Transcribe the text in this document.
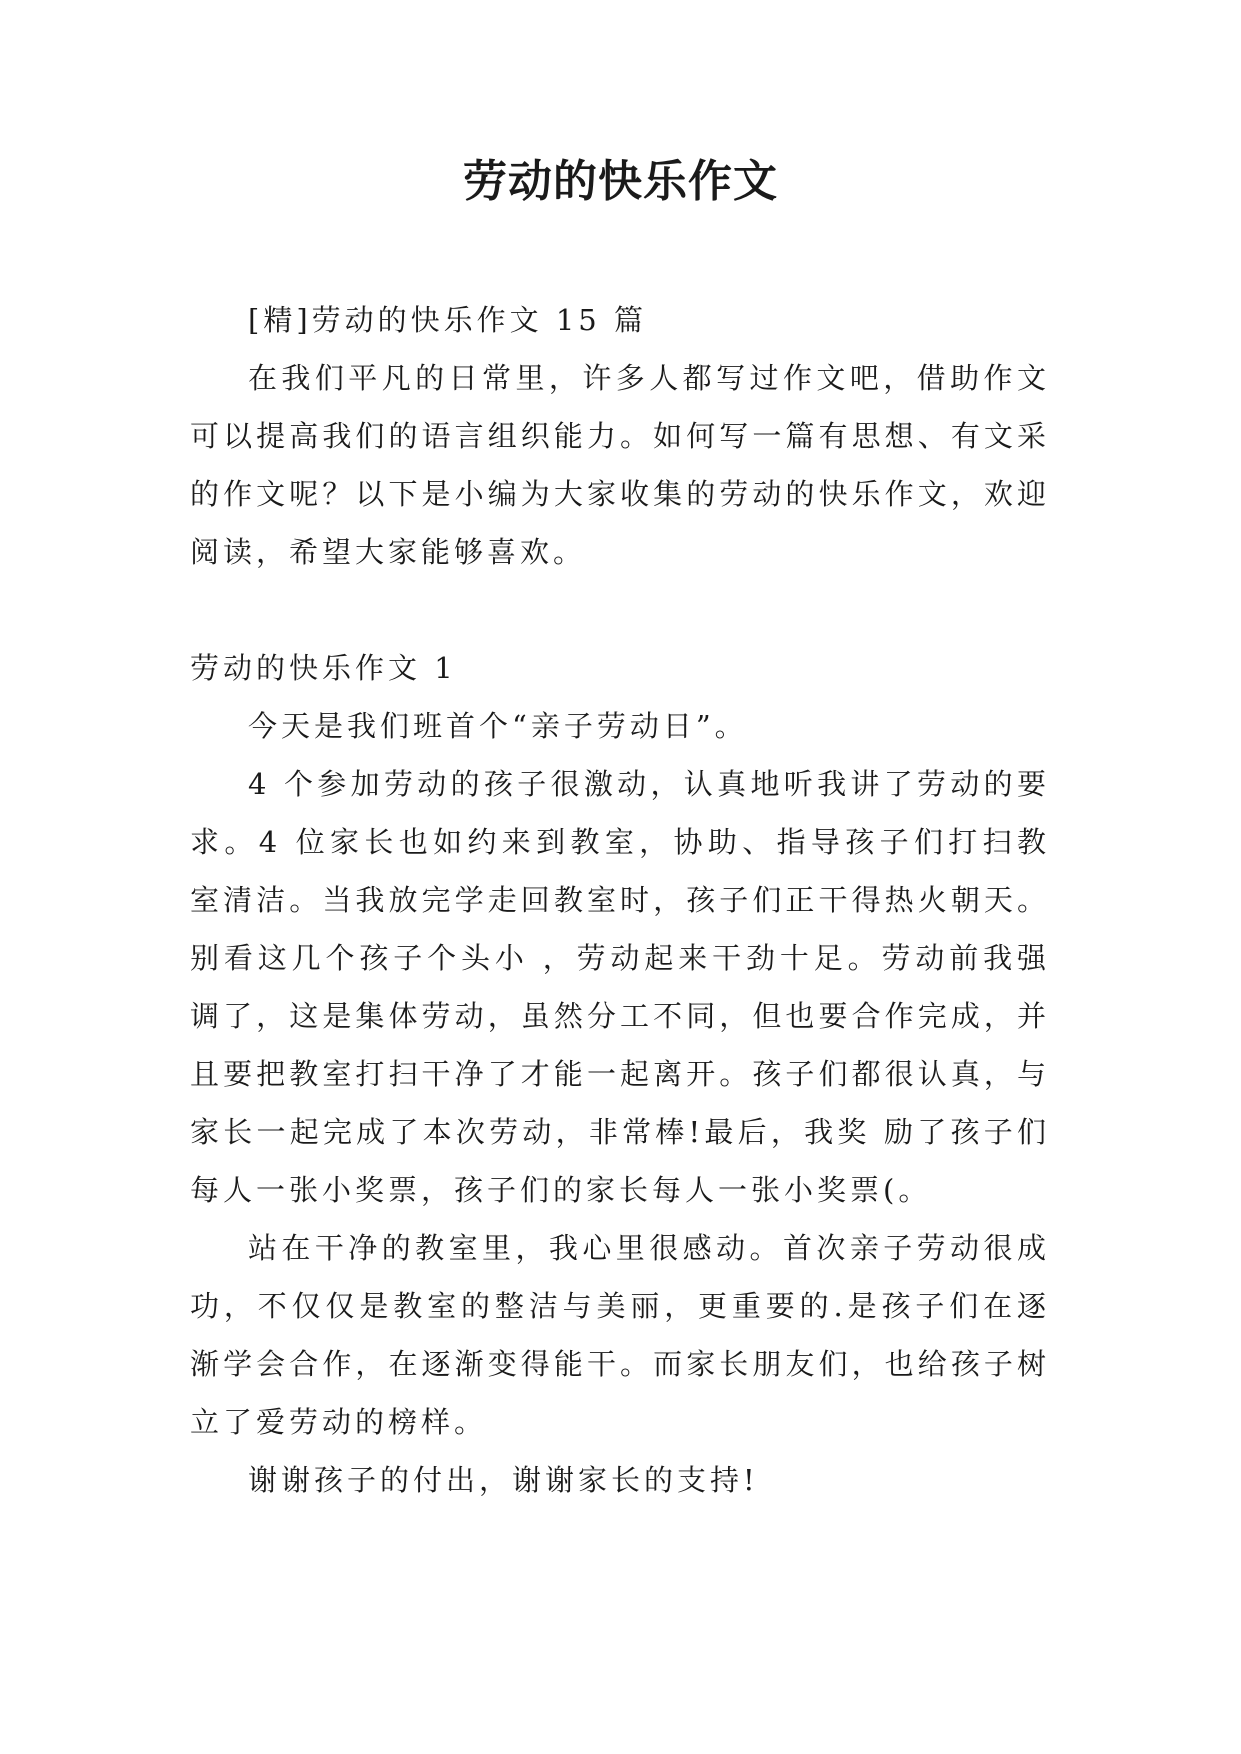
劳动的快乐作文

[精]劳动的快乐作文 15 篇

在我们平凡的日常里，许多人都写过作文吧，借助作文可以提高我们的语言组织能力。如何写一篇有思想、有文采的作文呢？以下是小编为大家收集的劳动的快乐作文，欢迎阅读，希望大家能够喜欢。

劳动的快乐作文 1

今天是我们班首个“亲子劳动日”。

4 个参加劳动的孩子很激动，认真地听我讲了劳动的要求。4 位家长也如约来到教室，协助、指导孩子们打扫教室清洁。当我放完学走回教室时，孩子们正干得热火朝天。别看这几个孩子个头小 ，劳动起来干劲十足。劳动前我强调了，这是集体劳动，虽然分工不同，但也要合作完成，并且要把教室打扫干净了才能一起离开。孩子们都很认真，与家长一起完成了本次劳动，非常棒!最后，我奖 励了孩子们每人一张小奖票，孩子们的家长每人一张小奖票(。

站在干净的教室里，我心里很感动。首次亲子劳动很成功，不仅仅是教室的整洁与美丽，更重要的.是孩子们在逐渐学会合作，在逐渐变得能干。而家长朋友们，也给孩子树立了爱劳动的榜样。

谢谢孩子的付出，谢谢家长的支持!
